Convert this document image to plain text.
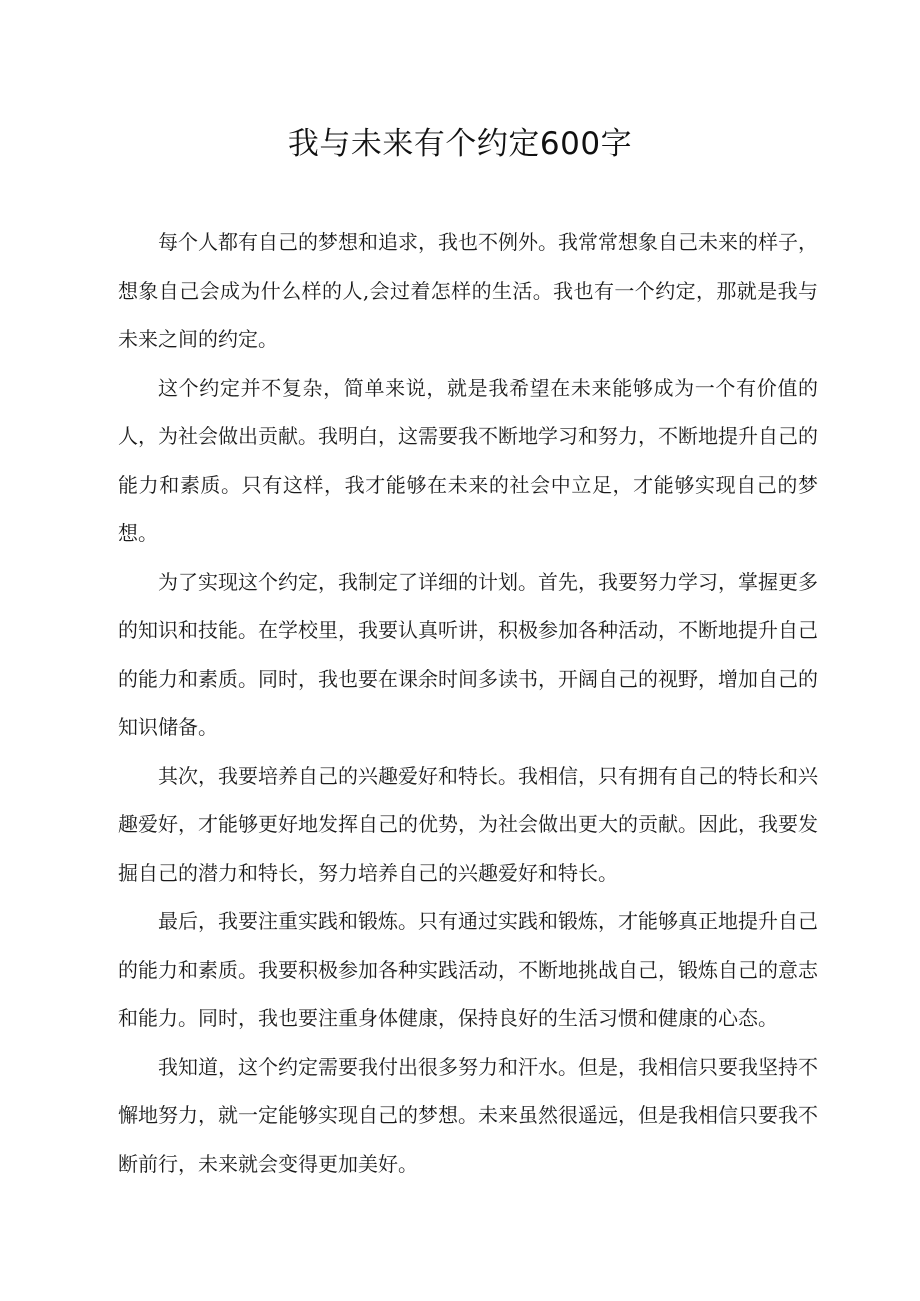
我与未来有个约定600字

每个人都有自己的梦想和追求，我也不例外。我常常想象自己未来的样子，想象自己会成为什么样的人,会过着怎样的生活。我也有一个约定，那就是我与未来之间的约定。

这个约定并不复杂，简单来说，就是我希望在未来能够成为一个有价值的人，为社会做出贡献。我明白，这需要我不断地学习和努力，不断地提升自己的能力和素质。只有这样，我才能够在未来的社会中立足，才能够实现自己的梦想。

为了实现这个约定，我制定了详细的计划。首先，我要努力学习，掌握更多的知识和技能。在学校里，我要认真听讲，积极参加各种活动，不断地提升自己的能力和素质。同时，我也要在课余时间多读书，开阔自己的视野，增加自己的知识储备。

其次，我要培养自己的兴趣爱好和特长。我相信，只有拥有自己的特长和兴趣爱好，才能够更好地发挥自己的优势，为社会做出更大的贡献。因此，我要发掘自己的潜力和特长，努力培养自己的兴趣爱好和特长。

最后，我要注重实践和锻炼。只有通过实践和锻炼，才能够真正地提升自己的能力和素质。我要积极参加各种实践活动，不断地挑战自己，锻炼自己的意志和能力。同时，我也要注重身体健康，保持良好的生活习惯和健康的心态。

我知道，这个约定需要我付出很多努力和汗水。但是，我相信只要我坚持不懈地努力，就一定能够实现自己的梦想。未来虽然很遥远，但是我相信只要我不断前行，未来就会变得更加美好。
